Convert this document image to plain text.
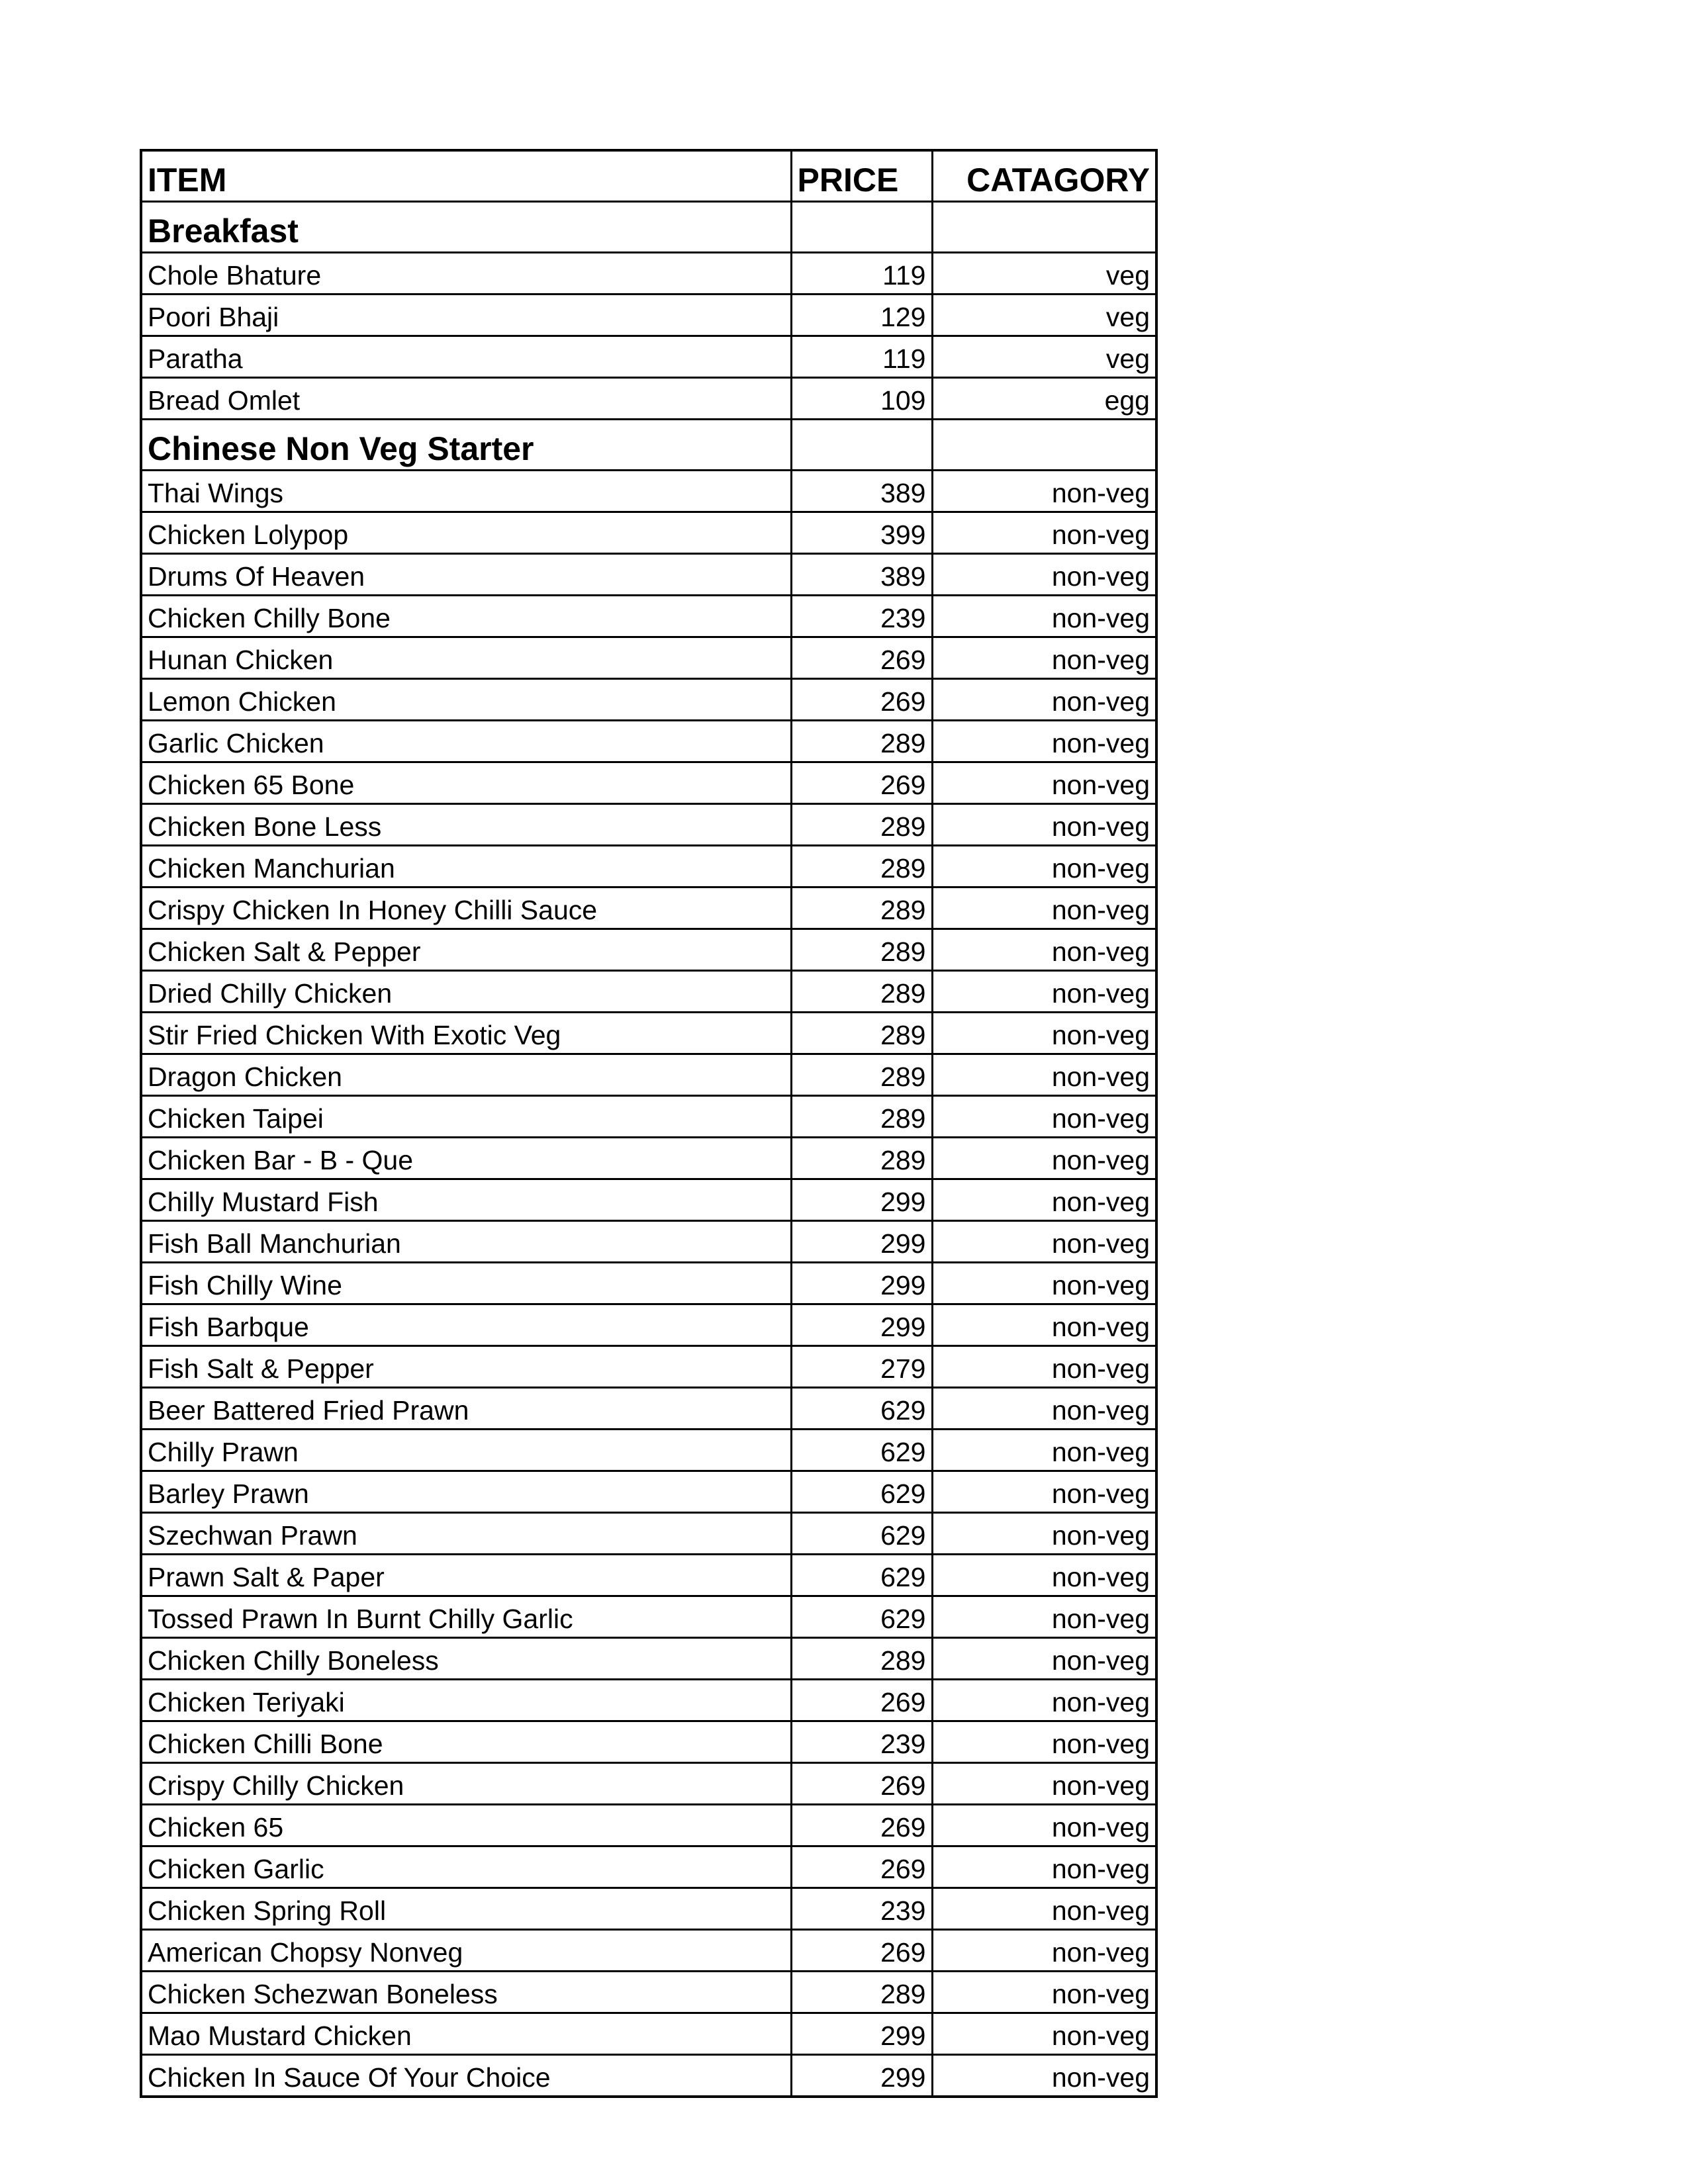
ITEM	PRICE	CATAGORY
Breakfast		
Chole Bhature	119	veg
Poori Bhaji	129	veg
Paratha	119	veg
Bread Omlet	109	egg
Chinese Non Veg Starter		
Thai Wings	389	non-veg
Chicken Lolypop	399	non-veg
Drums Of Heaven	389	non-veg
Chicken Chilly Bone	239	non-veg
Hunan Chicken	269	non-veg
Lemon Chicken	269	non-veg
Garlic Chicken	289	non-veg
Chicken 65 Bone	269	non-veg
Chicken Bone Less	289	non-veg
Chicken Manchurian	289	non-veg
Crispy Chicken In Honey Chilli Sauce	289	non-veg
Chicken Salt & Pepper	289	non-veg
Dried Chilly Chicken	289	non-veg
Stir Fried Chicken With Exotic Veg	289	non-veg
Dragon Chicken	289	non-veg
Chicken Taipei	289	non-veg
Chicken Bar - B - Que	289	non-veg
Chilly Mustard Fish	299	non-veg
Fish Ball Manchurian	299	non-veg
Fish Chilly Wine	299	non-veg
Fish Barbque	299	non-veg
Fish Salt & Pepper	279	non-veg
Beer Battered Fried Prawn	629	non-veg
Chilly Prawn	629	non-veg
Barley Prawn	629	non-veg
Szechwan Prawn	629	non-veg
Prawn Salt & Paper	629	non-veg
Tossed Prawn In Burnt Chilly Garlic	629	non-veg
Chicken Chilly Boneless	289	non-veg
Chicken Teriyaki	269	non-veg
Chicken Chilli Bone	239	non-veg
Crispy Chilly Chicken	269	non-veg
Chicken 65	269	non-veg
Chicken Garlic	269	non-veg
Chicken Spring Roll	239	non-veg
American Chopsy Nonveg	269	non-veg
Chicken Schezwan Boneless	289	non-veg
Mao Mustard Chicken	299	non-veg
Chicken In Sauce Of Your Choice	299	non-veg
